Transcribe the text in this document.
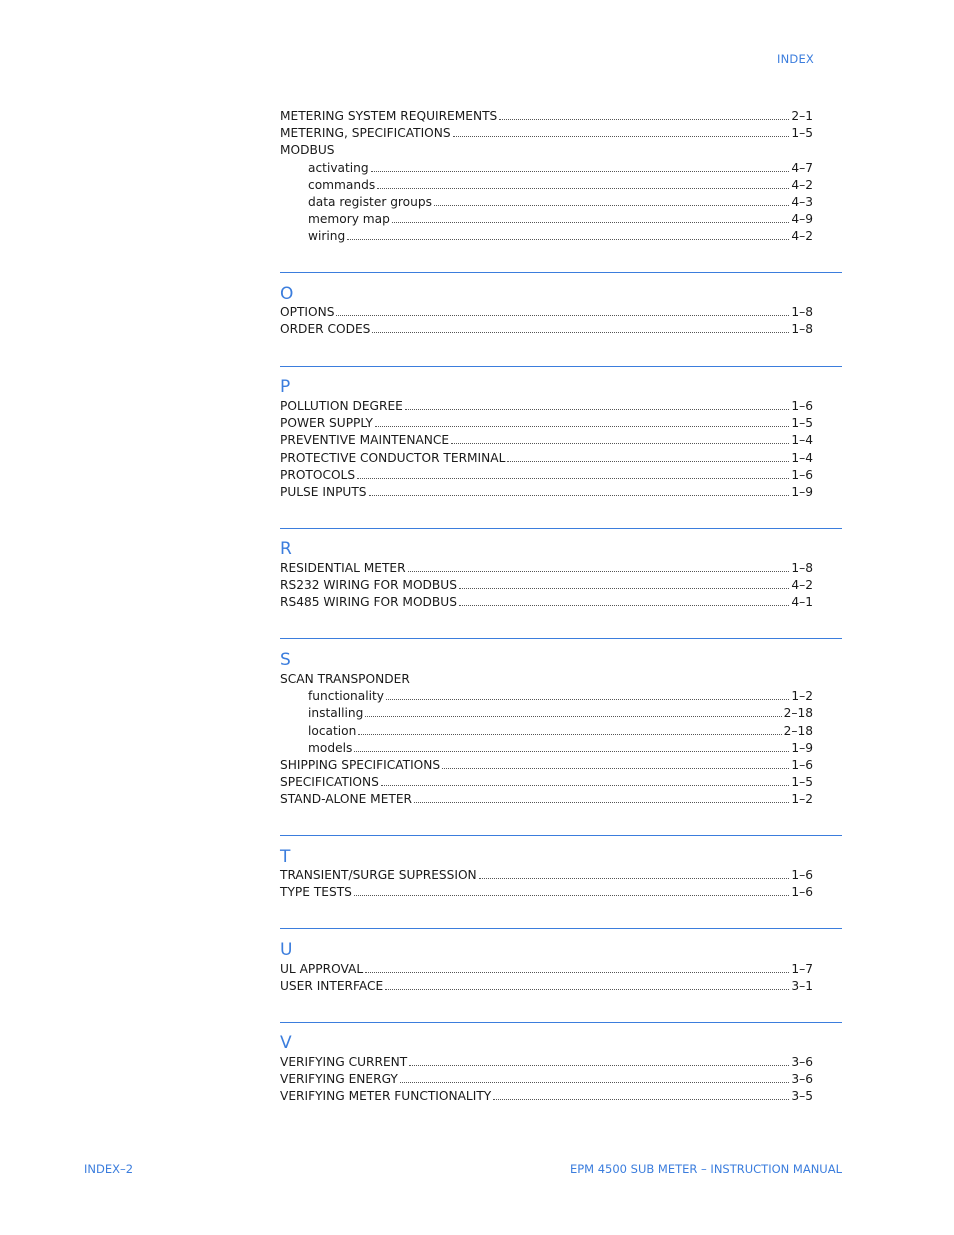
INDEX
METERING SYSTEM REQUIREMENTS	2–1
METERING, SPECIFICATIONS	1–5
MODBUS
activating	4–7
commands	4–2
data register groups	4–3
memory map	4–9
wiring	4–2
O
OPTIONS	1–8
ORDER CODES	1–8
P
POLLUTION DEGREE	1–6
POWER SUPPLY	1–5
PREVENTIVE MAINTENANCE	1–4
PROTECTIVE CONDUCTOR TERMINAL	1–4
PROTOCOLS	1–6
PULSE INPUTS	1–9
R
RESIDENTIAL METER	1–8
RS232 WIRING FOR MODBUS	4–2
RS485 WIRING FOR MODBUS	4–1
S
SCAN TRANSPONDER
functionality	1–2
installing	2–18
location	2–18
models	1–9
SHIPPING SPECIFICATIONS	1–6
SPECIFICATIONS	1–5
STAND-ALONE METER	1–2
T
TRANSIENT/SURGE SUPRESSION	1–6
TYPE TESTS	1–6
U
UL APPROVAL	1–7
USER INTERFACE	3–1
V
VERIFYING CURRENT	3–6
VERIFYING ENERGY	3–6
VERIFYING METER FUNCTIONALITY	3–5
INDEX–2	EPM 4500 SUB METER – INSTRUCTION MANUAL
